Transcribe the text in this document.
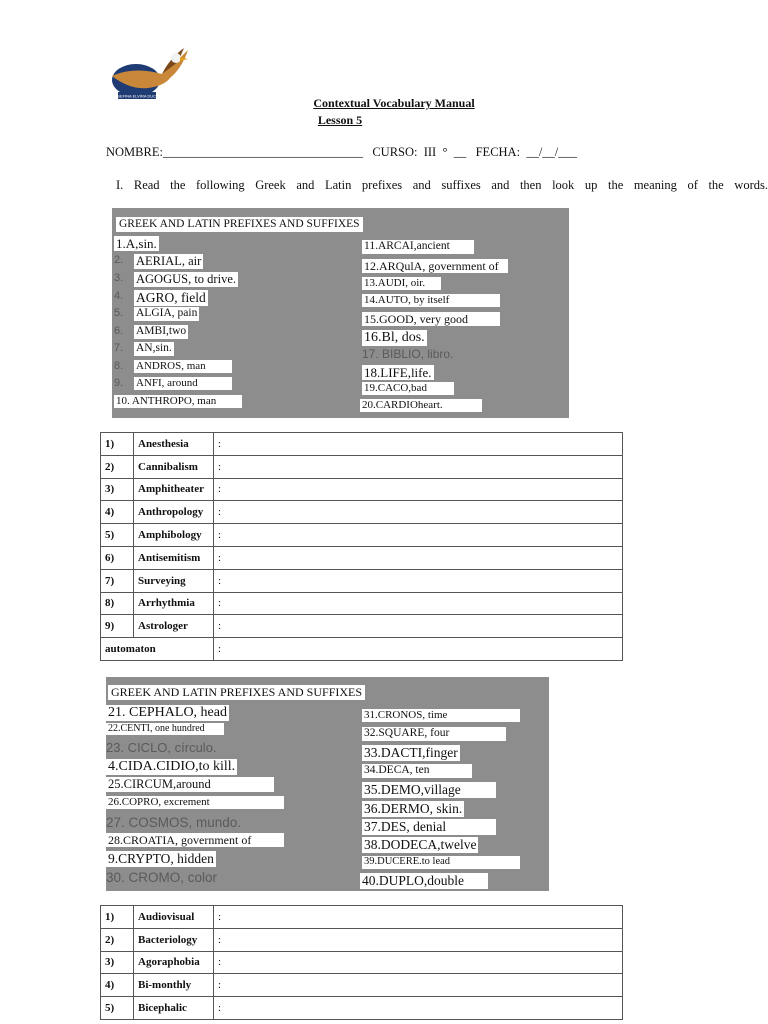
JOSEFINA ELVIRA DUCOS	Contextual Vocabulary Manual
Lesson 5
NOMBRE:________________________________ CURSO: III  °  __ FECHA: __/__/___
I. Read the following Greek and Latin prefixes and suffixes and then look up the meaning of the words.
GREEK AND LATIN PREFIXES AND SUFFIXES
1.A,sin.
2. AERIAL, air
3. AGOGUS, to drive.
4. AGRO, field
5. ALGIA, pain
6. AMBI,two
7. AN,sin.
8. ANDROS, man
9. ANFI, around
10. ANTHROPO, man
11.ARCAI,ancient
12.ARQulA, government of
13.AUDI, oir.
14.AUTO, by itself
15.GOOD, very good
16.Bl, dos.
17. BIBLIO, libro.
18.LIFE,life.
19.CACO,bad
20.CARDIOheart.
1)	Anesthesia	:
2)	Cannibalism	:
3)	Amphitheater	:
4)	Anthropology	:
5)	Amphibology	:
6)	Antisemitism	:
7)	Surveying	:
8)	Arrhythmia	:
9)	Astrologer	:
automaton		:
GREEK AND LATIN PREFIXES AND SUFFIXES
21. CEPHALO, head
22.CENTI, one hundred
23. CICLO, círculo.
4.CIDA.CIDIO,to kill.
25.CIRCUM,around
26.COPRO, excrement
27. COSMOS, mundo.
28.CROATIA, government of
9.CRYPTO, hidden
30. CROMO, color
31.CRONOS, time
32.SQUARE, four
33.DACTI,finger
34.DECA, ten
35.DEMO,village
36.DERMO, skin.
37.DES, denial
38.DODECA,twelve
39.DUCERE.to lead
40.DUPLO,double
1)	Audiovisual	:
2)	Bacteriology	:
3)	Agoraphobia	:
4)	Bi-monthly	:
5)	Bicephalic	:
